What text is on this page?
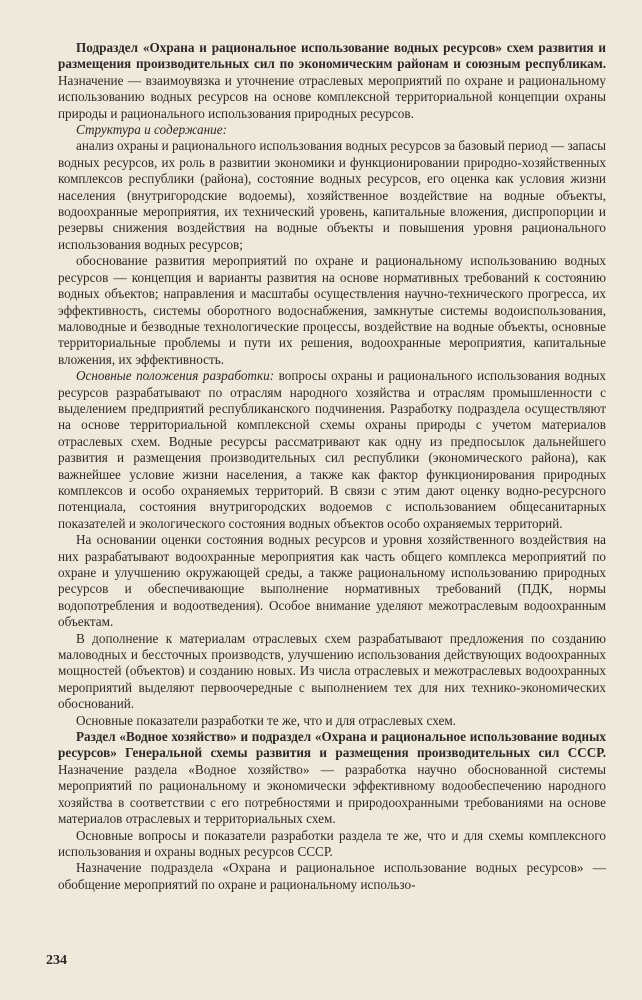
Подраздел «Охрана и рациональное использование водных ресурсов» схем развития и размещения производительных сил по экономическим районам и союзным республикам. Назначение — взаимоувязка и уточнение отраслевых мероприятий по охране и рациональному использованию водных ресурсов на основе комплексной территориальной концепции охраны природы и рационального использования природных ресурсов.

Структура и содержание:

анализ охраны и рационального использования водных ресурсов за базовый период — запасы водных ресурсов, их роль в развитии экономики и функционировании природно-хозяйственных комплексов республики (района), состояние водных ресурсов, его оценка как условия жизни населения (внутригородские водоемы), хозяйственное воздействие на водные объекты, водоохранные мероприятия, их технический уровень, капитальные вложения, диспропорции и резервы снижения воздействия на водные объекты и повышения уровня рационального использования водных ресурсов;

обоснование развития мероприятий по охране и рациональному использованию водных ресурсов — концепция и варианты развития на основе нормативных требований к состоянию водных объектов; направления и масштабы осуществления научно-технического прогресса, их эффективность, системы оборотного водоснабжения, замкнутые системы водоиспользования, маловодные и безводные технологические процессы, воздействие на водные объекты, основные территориальные проблемы и пути их решения, водоохранные мероприятия, капитальные вложения, их эффективность.

Основные положения разработки: вопросы охраны и рационального использования водных ресурсов разрабатывают по отраслям народного хозяйства и отраслям промышленности с выделением предприятий республиканского подчинения. Разработку подраздела осуществляют на основе территориальной комплексной схемы охраны природы с учетом материалов отраслевых схем. Водные ресурсы рассматривают как одну из предпосылок дальнейшего развития и размещения производительных сил республики (экономического района), как важнейшее условие жизни населения, а также как фактор функционирования природных комплексов и особо охраняемых территорий. В связи с этим дают оценку водно-ресурсного потенциала, состояния внутригородских водоемов с использованием общесанитарных показателей и экологического состояния водных объектов особо охраняемых территорий.

На основании оценки состояния водных ресурсов и уровня хозяйственного воздействия на них разрабатывают водоохранные мероприятия как часть общего комплекса мероприятий по охране и улучшению окружающей среды, а также рациональному использованию природных ресурсов и обеспечивающие выполнение нормативных требований (ПДК, нормы водопотребления и водоотведения). Особое внимание уделяют межотраслевым водоохранным объектам.

В дополнение к материалам отраслевых схем разрабатывают предложения по созданию маловодных и бессточных производств, улучшению использования действующих водоохранных мощностей (объектов) и созданию новых. Из числа отраслевых и межотраслевых водоохранных мероприятий выделяют первоочередные с выполнением тех для них технико-экономических обоснований.

Основные показатели разработки те же, что и для отраслевых схем.

Раздел «Водное хозяйство» и подраздел «Охрана и рациональное использование водных ресурсов» Генеральной схемы развития и размещения производительных сил СССР. Назначение раздела «Водное хозяйство» — разработка научно обоснованной системы мероприятий по рациональному и экономически эффективному водообеспечению народного хозяйства в соответствии с его потребностями и природоохранными требованиями на основе материалов отраслевых и территориальных схем.

Основные вопросы и показатели разработки раздела те же, что и для схемы комплексного использования и охраны водных ресурсов СССР.

Назначение подраздела «Охрана и рациональное использование водных ресурсов» — обобщение мероприятий по охране и рациональному использо-

234
